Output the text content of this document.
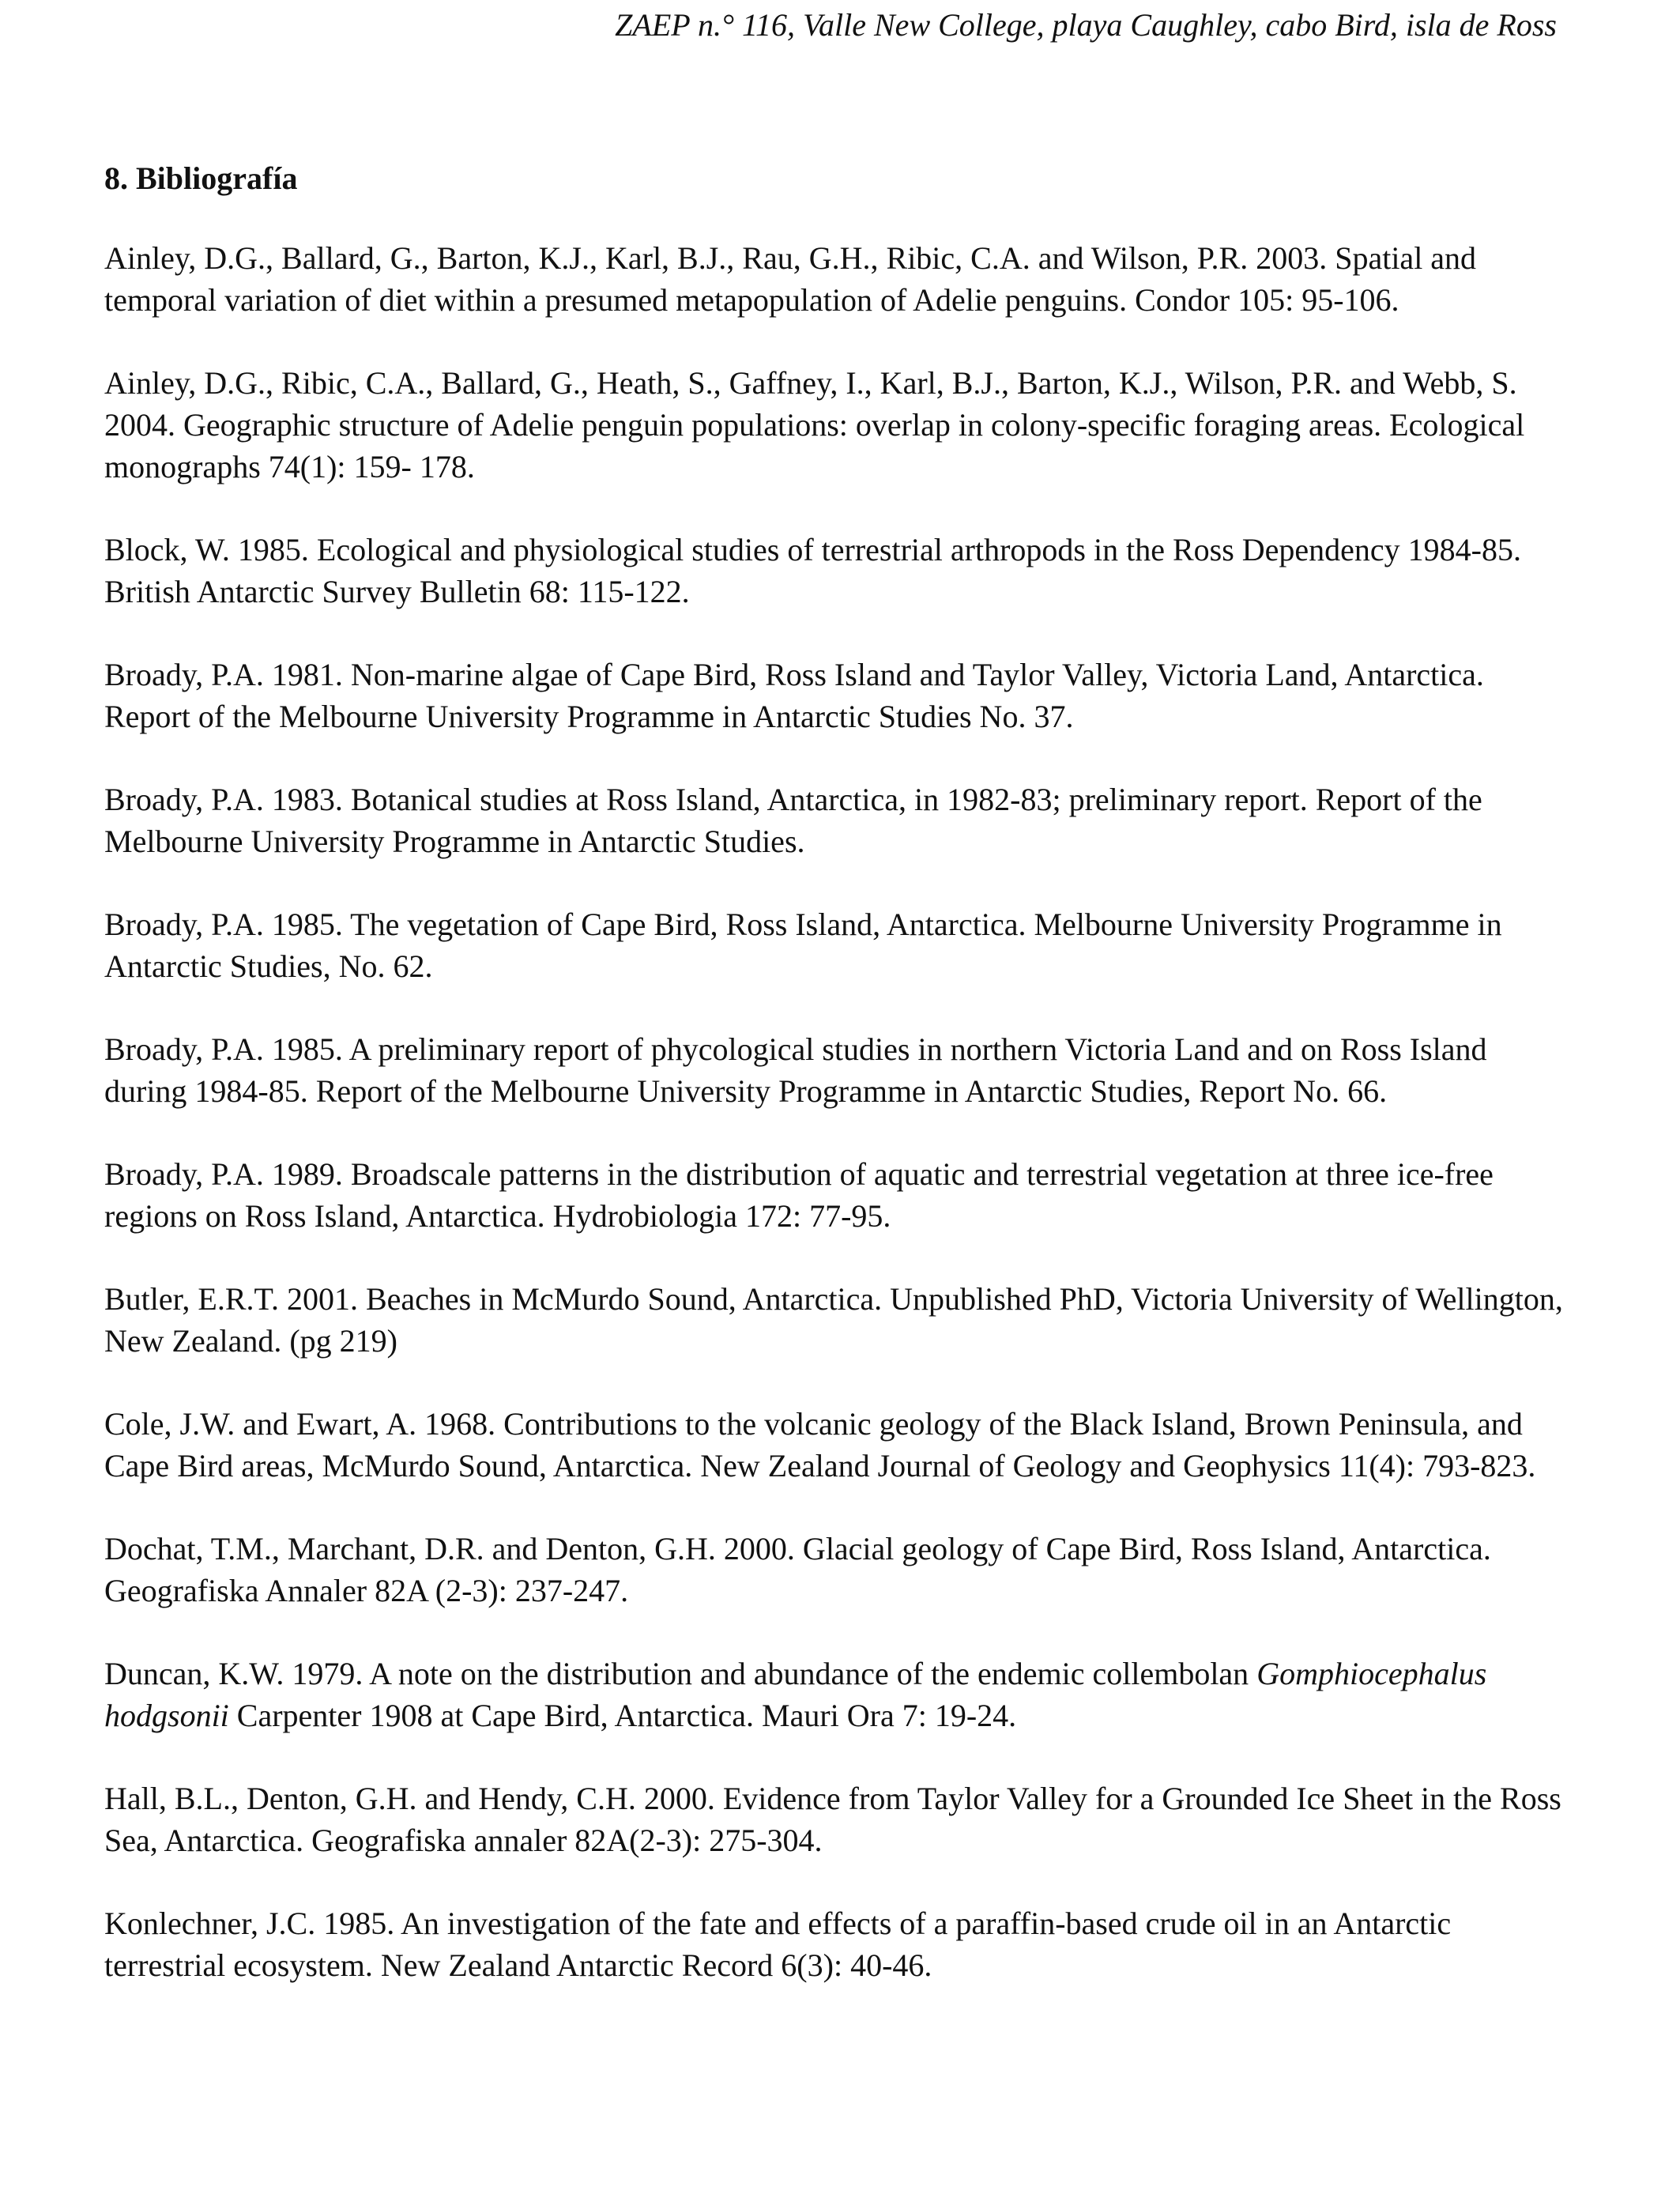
ZAEP n.° 116, Valle New College, playa Caughley, cabo Bird, isla de Ross
8. Bibliografía
Ainley, D.G., Ballard, G., Barton, K.J., Karl, B.J., Rau, G.H., Ribic, C.A. and Wilson, P.R. 2003. Spatial and temporal variation of diet within a presumed metapopulation of Adelie penguins. Condor 105: 95-106.
Ainley, D.G., Ribic, C.A., Ballard, G., Heath, S., Gaffney, I., Karl, B.J., Barton, K.J., Wilson, P.R. and Webb, S. 2004. Geographic structure of Adelie penguin populations: overlap in colony-specific foraging areas. Ecological monographs 74(1): 159- 178.
Block, W. 1985. Ecological and physiological studies of terrestrial arthropods in the Ross Dependency 1984-85. British Antarctic Survey Bulletin 68: 115-122.
Broady, P.A. 1981. Non-marine algae of Cape Bird, Ross Island and Taylor Valley, Victoria Land, Antarctica. Report of the Melbourne University Programme in Antarctic Studies No. 37.
Broady, P.A. 1983. Botanical studies at Ross Island, Antarctica, in 1982-83; preliminary report. Report of the Melbourne University Programme in Antarctic Studies.
Broady, P.A. 1985. The vegetation of Cape Bird, Ross Island, Antarctica. Melbourne University Programme in Antarctic Studies, No. 62.
Broady, P.A. 1985. A preliminary report of phycological studies in northern Victoria Land and on Ross Island during 1984-85. Report of the Melbourne University Programme in Antarctic Studies, Report No. 66.
Broady, P.A. 1989. Broadscale patterns in the distribution of aquatic and terrestrial vegetation at three ice-free regions on Ross Island, Antarctica. Hydrobiologia 172: 77-95.
Butler, E.R.T. 2001. Beaches in McMurdo Sound, Antarctica. Unpublished PhD, Victoria University of Wellington, New Zealand. (pg 219)
Cole, J.W. and Ewart, A. 1968. Contributions to the volcanic geology of the Black Island, Brown Peninsula, and Cape Bird areas, McMurdo Sound, Antarctica. New Zealand Journal of Geology and Geophysics 11(4): 793-823.
Dochat, T.M., Marchant, D.R. and Denton, G.H. 2000. Glacial geology of Cape Bird, Ross Island, Antarctica. Geografiska Annaler 82A (2-3): 237-247.
Duncan, K.W. 1979. A note on the distribution and abundance of the endemic collembolan Gomphiocephalus hodgsonii Carpenter 1908 at Cape Bird, Antarctica. Mauri Ora 7: 19-24.
Hall, B.L., Denton, G.H. and Hendy, C.H. 2000. Evidence from Taylor Valley for a Grounded Ice Sheet in the Ross Sea, Antarctica. Geografiska annaler 82A(2-3): 275-304.
Konlechner, J.C. 1985. An investigation of the fate and effects of a paraffin-based crude oil in an Antarctic terrestrial ecosystem. New Zealand Antarctic Record 6(3): 40-46.
